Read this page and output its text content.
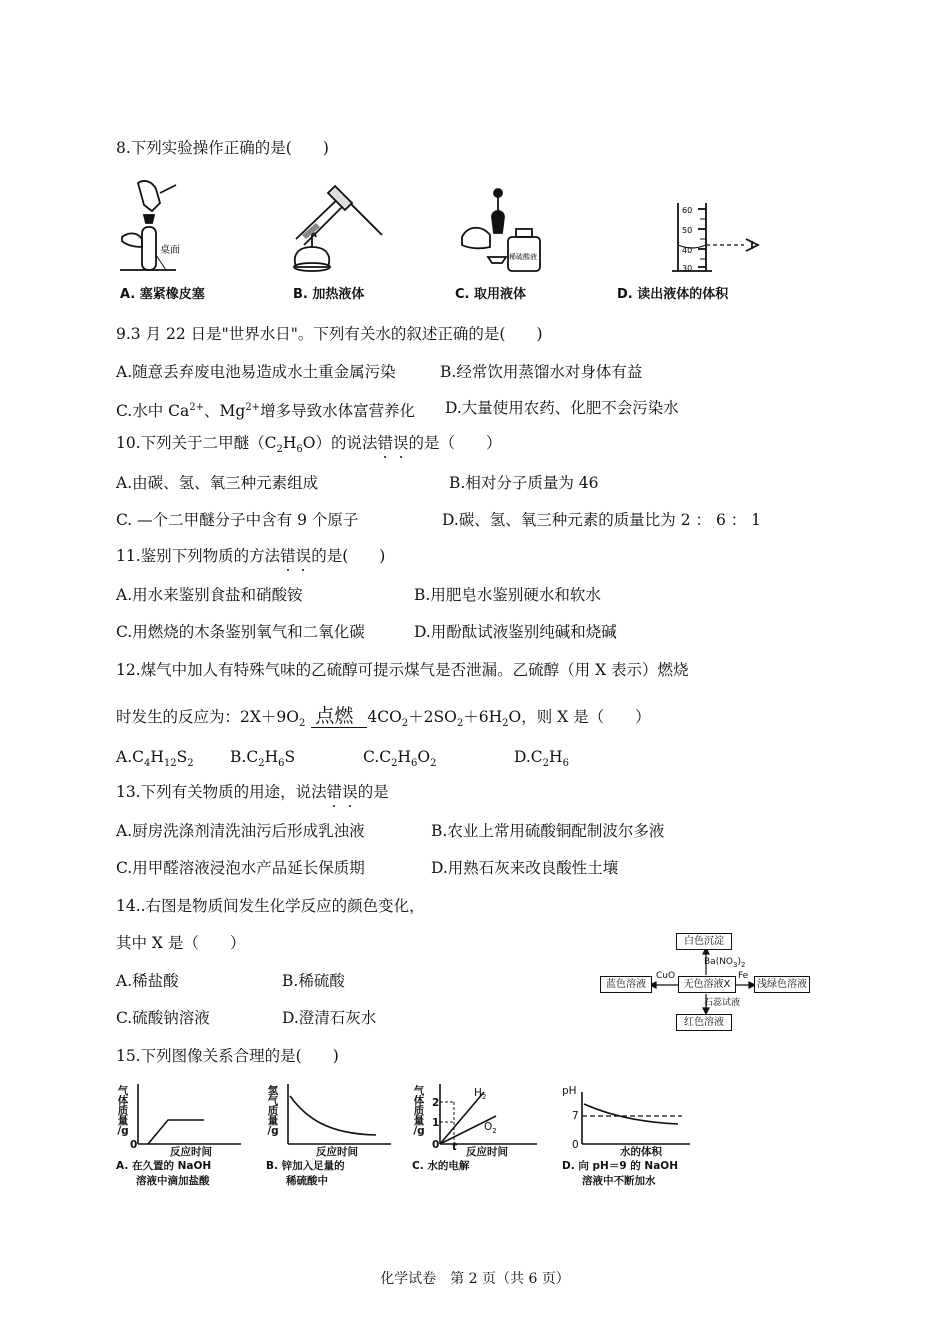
8.下列实验操作正确的是(　　)
桌面
稀硫酸液
60
50
40
30
A. 塞紧橡皮塞	B. 加热液体	C. 取用液体	D. 读出液体的体积
9.3 月 22 日是"世界水日"。下列有关水的叙述正确的是(　　)
A.随意丢弃废电池易造成水土重金属污染	B.经常饮用蒸馏水对身体有益
C.水中 $Ca^{2+}$、$Mg^{2+}$增多导致水体富营养化 D.大量使用农药、化肥不会污染水
10.下列关于二甲醚$(C_2H_6O)$的说法错误的是（　　）
A.由碳、氢、氧三种元素组成	B.相对分子质量为 46
C. —个二甲醚分子中含有 9 个原子	D.碳、氢、氧三种元素的质量比为 2 ： 6 ： 1
11.鉴别下列物质的方法错误的是(　　)
A.用水来鉴别食盐和硝酸铵	B.用肥皂水鉴别硬水和软水
C.用燃烧的木条鉴别氧气和二氧化碳	D.用酚酞试液鉴别纯碱和烧碱
12.煤气中加人有特殊气味的乙硫醇可提示煤气是否泄漏。乙硫醇（用 X 表示）燃烧
时发生的反应为：$2X+9O_2$ 点燃 $4CO_2+2SO_2+6H_2O$，则 X 是（　　）
$A.C_4H_{12}S_2$ $B.C_2H_6S$	$C.C_2H_6O_2$	$D.C_2H_6$
13.下列有关物质的用途，说法错误的是
A.厨房洗涤剂清洗油污后形成乳浊液	B.农业上常用硫酸铜配制波尔多液
C.用甲醛溶液浸泡水产品延长保质期	D.用熟石灰来改良酸性土壤
14..右图是物质间发生化学反应的颜色变化，
其中 X 是（　　）
A.稀盐酸	B.稀硫酸
C.硫酸钠溶液	D.澄清石灰水
白色沉淀
$Ba(NO_3)_2$
蓝色溶液
CuO
无色溶液X
Fe
浅绿色溶液
石蕊试液
红色溶液
15.下列图像关系合理的是(　　)
气
体
质
量
/g
0
反应时间
A. 在久置的 NaOH
溶液中滴加盐酸
氢
气
质
量
/g
反应时间
B. 锌加入足量的
稀硫酸中
气
体
质
量
/g
2
1
0 t
$H_2$
$O_2$
反应时间
C. 水的电解
pH
7
0
水的体积
D. 向 pH＝9 的 NaOH
溶液中不断加水
化学试卷　第 2 页（共 6 页）
